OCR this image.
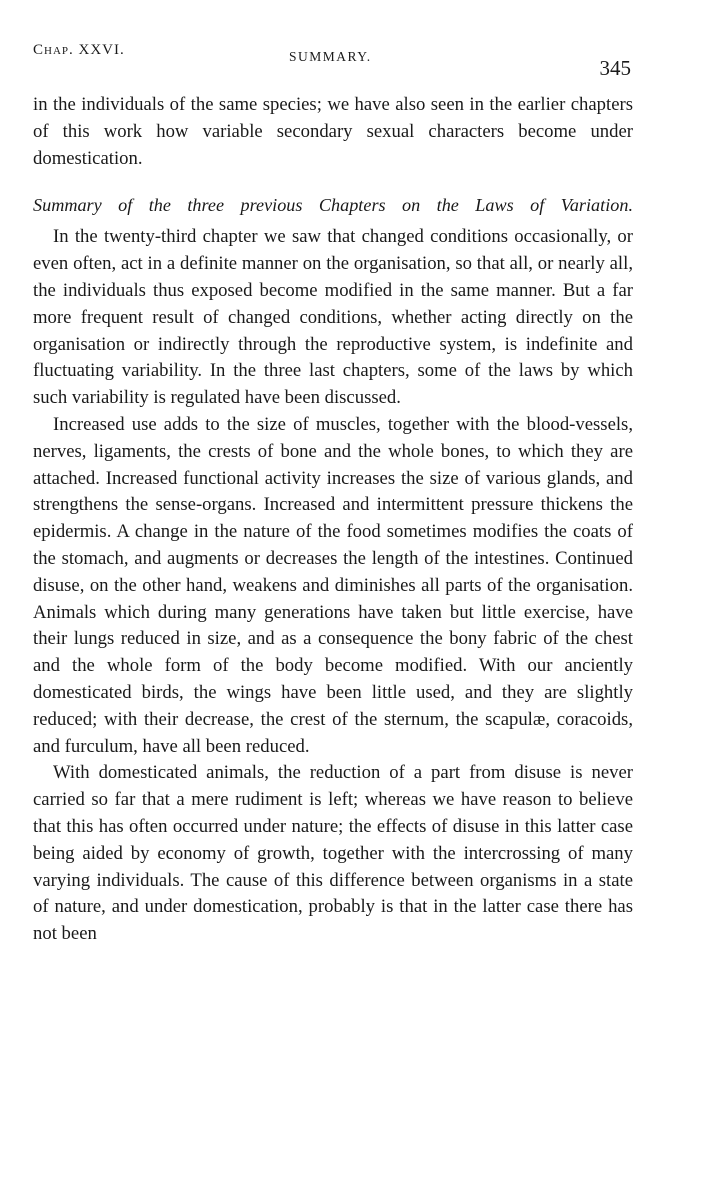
Chap. XXVI.	SUMMARY.	345

in the individuals of the same species; we have also seen in the earlier chapters of this work how variable secondary sexual characters become under domestication.

Summary of the three previous Chapters on the Laws of Variation.

In the twenty-third chapter we saw that changed conditions occasionally, or even often, act in a definite manner on the organisation, so that all, or nearly all, the individuals thus exposed become modified in the same manner. But a far more frequent result of changed conditions, whether acting directly on the organisation or indirectly through the reproductive system, is indefinite and fluctuating variability. In the three last chapters, some of the laws by which such variability is regulated have been discussed.

Increased use adds to the size of muscles, together with the blood-vessels, nerves, ligaments, the crests of bone and the whole bones, to which they are attached. Increased functional activity increases the size of various glands, and strengthens the sense-organs. Increased and intermittent pressure thickens the epidermis. A change in the nature of the food sometimes modifies the coats of the stomach, and augments or decreases the length of the intestines. Continued disuse, on the other hand, weakens and diminishes all parts of the organisation. Animals which during many generations have taken but little exercise, have their lungs reduced in size, and as a consequence the bony fabric of the chest and the whole form of the body become modified. With our anciently domesticated birds, the wings have been little used, and they are slightly reduced; with their decrease, the crest of the sternum, the scapulæ, coracoids, and furculum, have all been reduced.

With domesticated animals, the reduction of a part from disuse is never carried so far that a mere rudiment is left; whereas we have reason to believe that this has often occurred under nature; the effects of disuse in this latter case being aided by economy of growth, together with the intercrossing of many varying individuals. The cause of this difference between organisms in a state of nature, and under domestication, probably is that in the latter case there has not been
